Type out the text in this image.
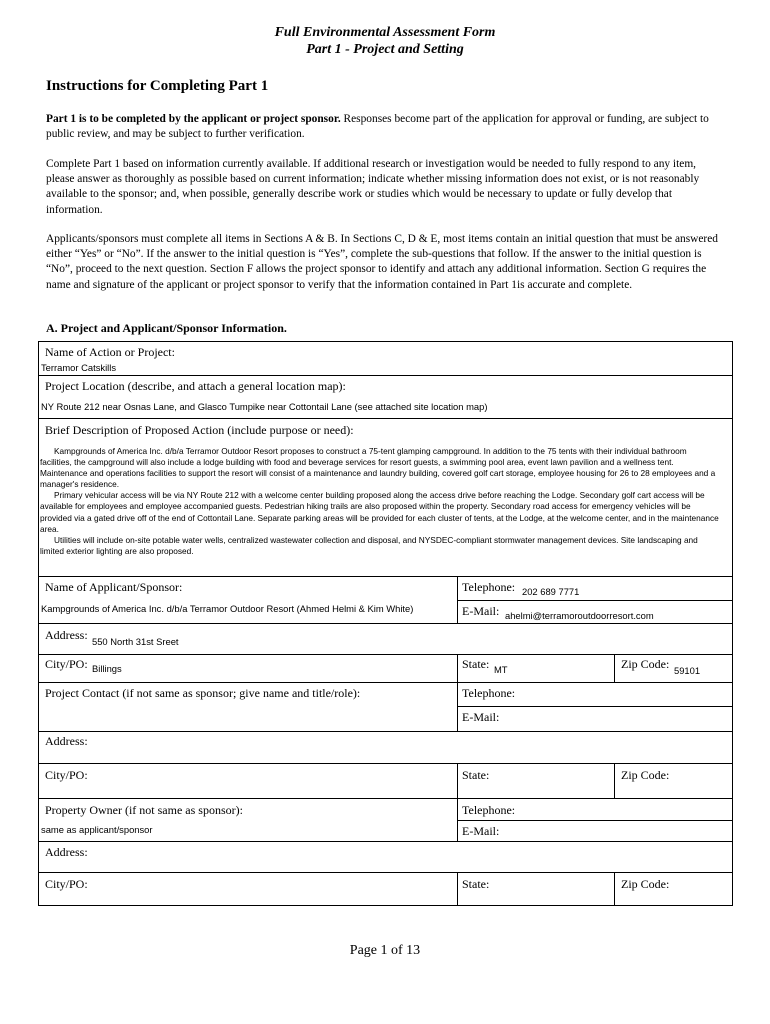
Full Environmental Assessment Form
Part 1 - Project and Setting
Instructions for Completing Part 1
Part 1 is to be completed by the applicant or project sponsor. Responses become part of the application for approval or funding, are subject to public review, and may be subject to further verification.
Complete Part 1 based on information currently available. If additional research or investigation would be needed to fully respond to any item, please answer as thoroughly as possible based on current information; indicate whether missing information does not exist, or is not reasonably available to the sponsor; and, when possible, generally describe work or studies which would be necessary to update or fully develop that information.
Applicants/sponsors must complete all items in Sections A & B. In Sections C, D & E, most items contain an initial question that must be answered either “Yes” or “No”. If the answer to the initial question is “Yes”, complete the sub-questions that follow. If the answer to the initial question is “No”, proceed to the next question. Section F allows the project sponsor to identify and attach any additional information. Section G requires the name and signature of the applicant or project sponsor to verify that the information contained in Part 1is accurate and complete.
A. Project and Applicant/Sponsor Information.
Name of Action or Project:
Terramor Catskills
Project Location (describe, and attach a general location map):
NY Route 212 near Osnas Lane, and Glasco Tumpike near Cottontail Lane (see attached site location map)
Brief Description of Proposed Action (include purpose or need):

Kampgrounds of America Inc. d/b/a Terramor Outdoor Resort proposes to construct a 75-tent glamping campground. In addition to the 75 tents with their individual bathroom facilities, the campground will also include a lodge building with food and beverage services for resort guests, a swimming pool area, event lawn pavilion and a wellness tent. Maintenance and operations facilities to support the resort will consist of a maintenance and laundry building, covered golf cart storage, employee housing for 26 to 28 employees and a manager's residence.

Primary vehicular access will be via NY Route 212 with a welcome center building proposed along the access drive before reaching the Lodge. Secondary golf cart access will be available for employees and employee accompanied guests. Pedestrian hiking trails are also proposed within the property. Secondary road access for emergency vehicles will be provided via a gated drive off of the end of Cottontail Lane. Separate parking areas will be provided for each cluster of tents, at the Lodge, at the welcome center, and in the maintenance area.

Utilities will include on-site potable water wells, centralized wastewater collection and disposal, and NYSDEC-compliant stormwater management devices. Site landscaping and limited exterior lighting are also proposed.

Name of Applicant/Sponsor:
Kampgrounds of America Inc. d/b/a Terramor Outdoor Resort (Ahmed Helmi & Kim White)
Telephone: 202 689 7771
E-Mail: ahelmi@terramoroutdoorresort.com
Address: 550 North 31st Sreet
City/PO: Billings	State: MT	Zip Code: 59101
Project Contact (if not same as sponsor; give name and title/role):	Telephone:
E-Mail:
Address:
City/PO:	State:	Zip Code:
Property Owner (if not same as sponsor):
same as applicant/sponsor
Telephone:
E-Mail:
Address:
City/PO:	State:	Zip Code:
Page 1 of 13
